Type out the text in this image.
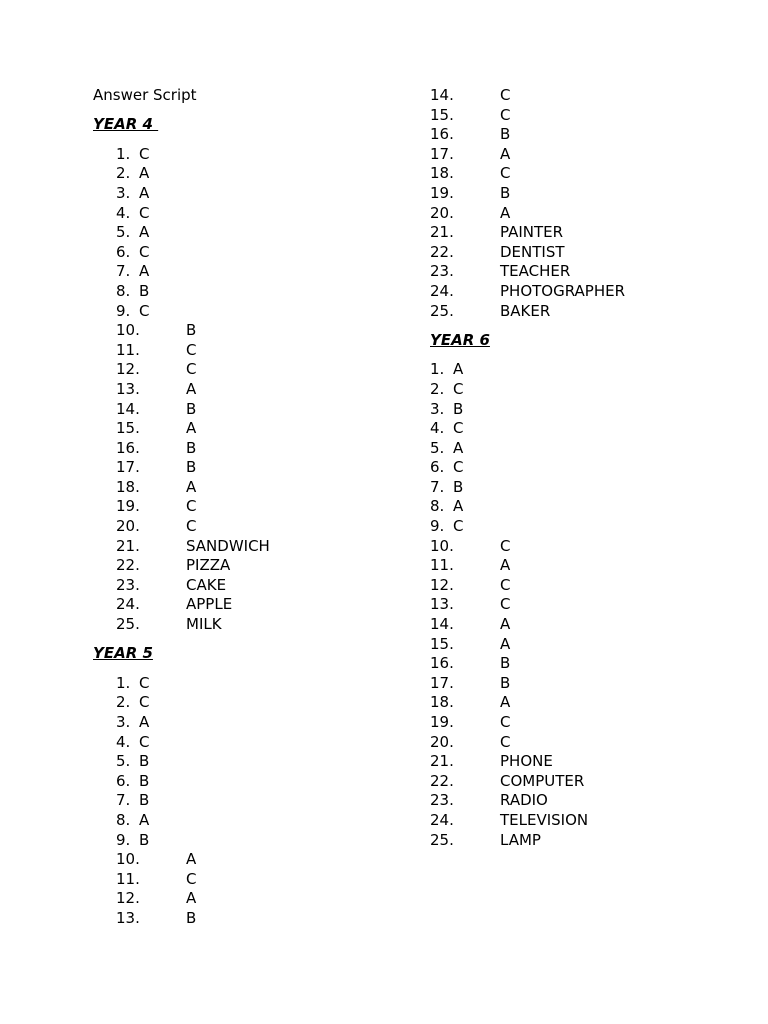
Answer Script
YEAR 4
1. C
2. A
3. A
4. C
5. A
6. C
7. A
8. B
9. C
10.	B
11.	C
12.	C
13.	A
14.	B
15.	A
16.	B
17.	B
18.	A
19.	C
20.	C
21.	SANDWICH
22.	PIZZA
23.	CAKE
24.	APPLE
25.	MILK
YEAR 5
1. C
2. C
3. A
4. C
5. B
6. B
7. B
8. A
9. B
10.	A
11.	C
12.	A
13.	B
14.	C
15.	C
16.	B
17.	A
18.	C
19.	B
20.	A
21.	PAINTER
22.	DENTIST
23.	TEACHER
24.	PHOTOGRAPHER
25.	BAKER
YEAR 6
1. A
2. C
3. B
4. C
5. A
6. C
7. B
8. A
9. C
10.	C
11.	A
12.	C
13.	C
14.	A
15.	A
16.	B
17.	B
18.	A
19.	C
20.	C
21.	PHONE
22.	COMPUTER
23.	RADIO
24.	TELEVISION
25.	LAMP
